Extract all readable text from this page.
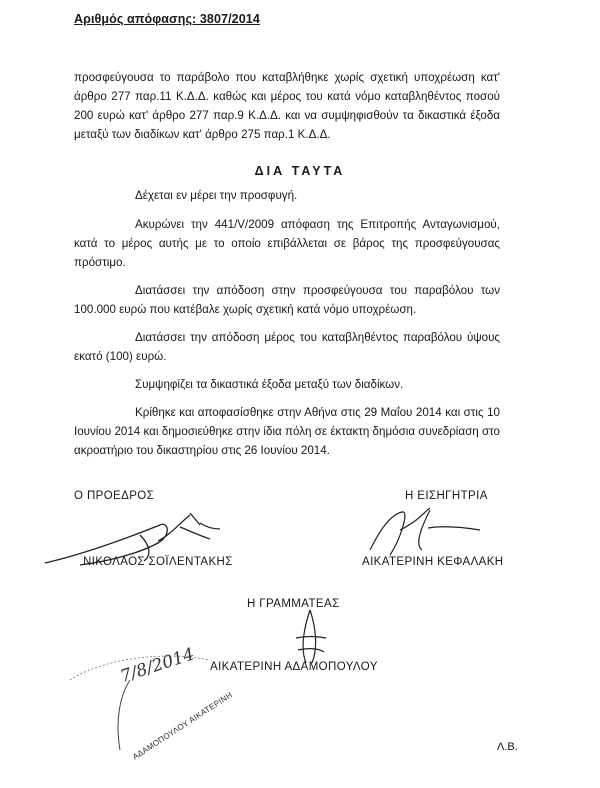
Αριθμός απόφασης: 3807/2014
προσφεύγουσα το παράβολο που καταβλήθηκε χωρίς σχετική υποχρέωση κατ' άρθρο 277 παρ.11 Κ.Δ.Δ. καθώς και μέρος του κατά νόμο καταβληθέντος ποσού 200 ευρώ κατ' άρθρο 277 παρ.9 Κ.Δ.Δ. και να συμψηφισθούν τα δικαστικά έξοδα μεταξύ των διαδίκων κατ' άρθρο 275 παρ.1 Κ.Δ.Δ.
ΔΙΑ ΤΑΥΤΑ

Δέχεται εν μέρει την προσφυγή.

Ακυρώνει την 441/V/2009 απόφαση της Επιτροπής Ανταγωνισμού, κατά το μέρος αυτής με το οποίο επιβάλλεται σε βάρος της προσφεύγουσας πρόστιμο.

Διατάσσει την απόδοση στην προσφεύγουσα του παραβόλου των 100.000 ευρώ που κατέβαλε χωρίς σχετική κατά νόμο υποχρέωση.

Διατάσσει την απόδοση μέρος του καταβληθέντος παραβόλου ύψους εκατό (100) ευρώ.

Συμψηφίζει τα δικαστικά έξοδα μεταξύ των διαδίκων.

Κρίθηκε και αποφασίσθηκε στην Αθήνα στις 29 Μαΐου 2014 και στις 10 Ιουνίου 2014 και δημοσιεύθηκε στην ίδια πόλη σε έκτακτη δημόσια συνεδρίαση στο ακροατήριο του δικαστηρίου στις 26 Ιουνίου 2014.

Ο ΠΡΟΕΔΡΟΣ
ΝΙΚΟΛΑΟΣ ΣΟΪΛΕΝΤΑΚΗΣ
Η ΕΙΣΗΓΗΤΡΙΑ
ΑΙΚΑΤΕΡΙΝΗ ΚΕΦΑΛΑΚΗ
Η ΓΡΑΜΜΑΤΕΑΣ
ΑΙΚΑΤΕΡΙΝΗ ΑΔΑΜΟΠΟΥΛΟΥ
7/8/2014
ΑΔΑΜΟΠΟΥΛΟΥ ΑΙΚΑΤΕΡΙΝΗ	Λ.Β.
